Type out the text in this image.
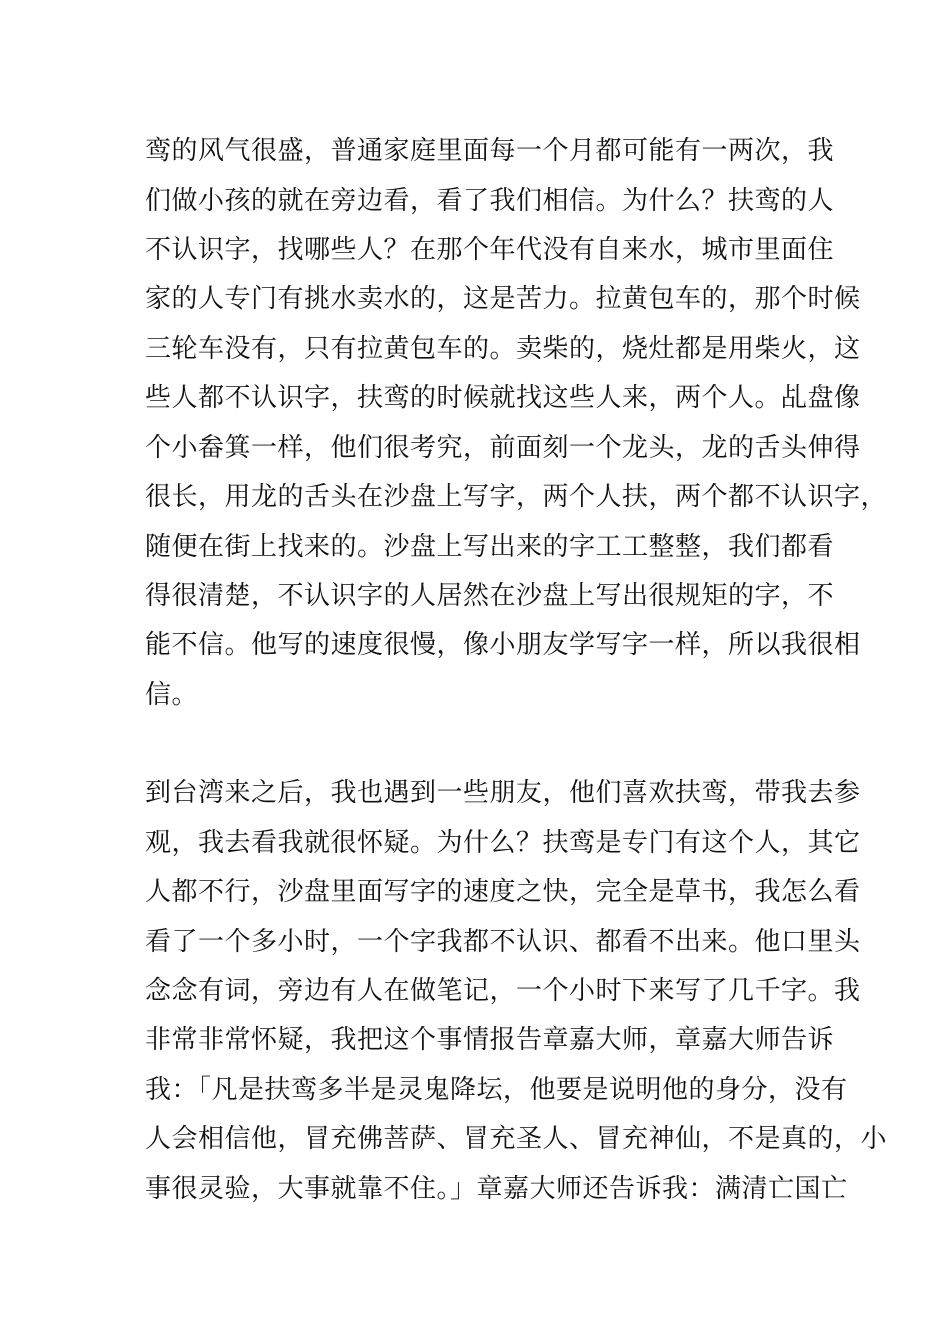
鸾的风气很盛，普通家庭里面每一个月都可能有一两次，我
们做小孩的就在旁边看，看了我们相信。为什么？扶鸾的人
不认识字，找哪些人？在那个年代没有自来水，城市里面住
家的人专门有挑水卖水的，这是苦力。拉黄包车的，那个时候
三轮车没有，只有拉黄包车的。卖柴的，烧灶都是用柴火，这
些人都不认识字，扶鸾的时候就找这些人来，两个人。乩盘像
个小畚箕一样，他们很考究，前面刻一个龙头，龙的舌头伸得
很长，用龙的舌头在沙盘上写字，两个人扶，两个都不认识字，
随便在街上找来的。沙盘上写出来的字工工整整，我们都看
得很清楚，不认识字的人居然在沙盘上写出很规矩的字，不
能不信。他写的速度很慢，像小朋友学写字一样，所以我很相
信。
到台湾来之后，我也遇到一些朋友，他们喜欢扶鸾，带我去参
观，我去看我就很怀疑。为什么？扶鸾是专门有这个人，其它
人都不行，沙盘里面写字的速度之快，完全是草书，我怎么看
看了一个多小时，一个字我都不认识、都看不出来。他口里头
念念有词，旁边有人在做笔记，一个小时下来写了几千字。我
非常非常怀疑，我把这个事情报告章嘉大师，章嘉大师告诉
我：「凡是扶鸾多半是灵鬼降坛，他要是说明他的身分，没有
人会相信他，冒充佛菩萨、冒充圣人、冒充神仙，不是真的，小
事很灵验，大事就靠不住。」章嘉大师还告诉我：满清亡国亡
